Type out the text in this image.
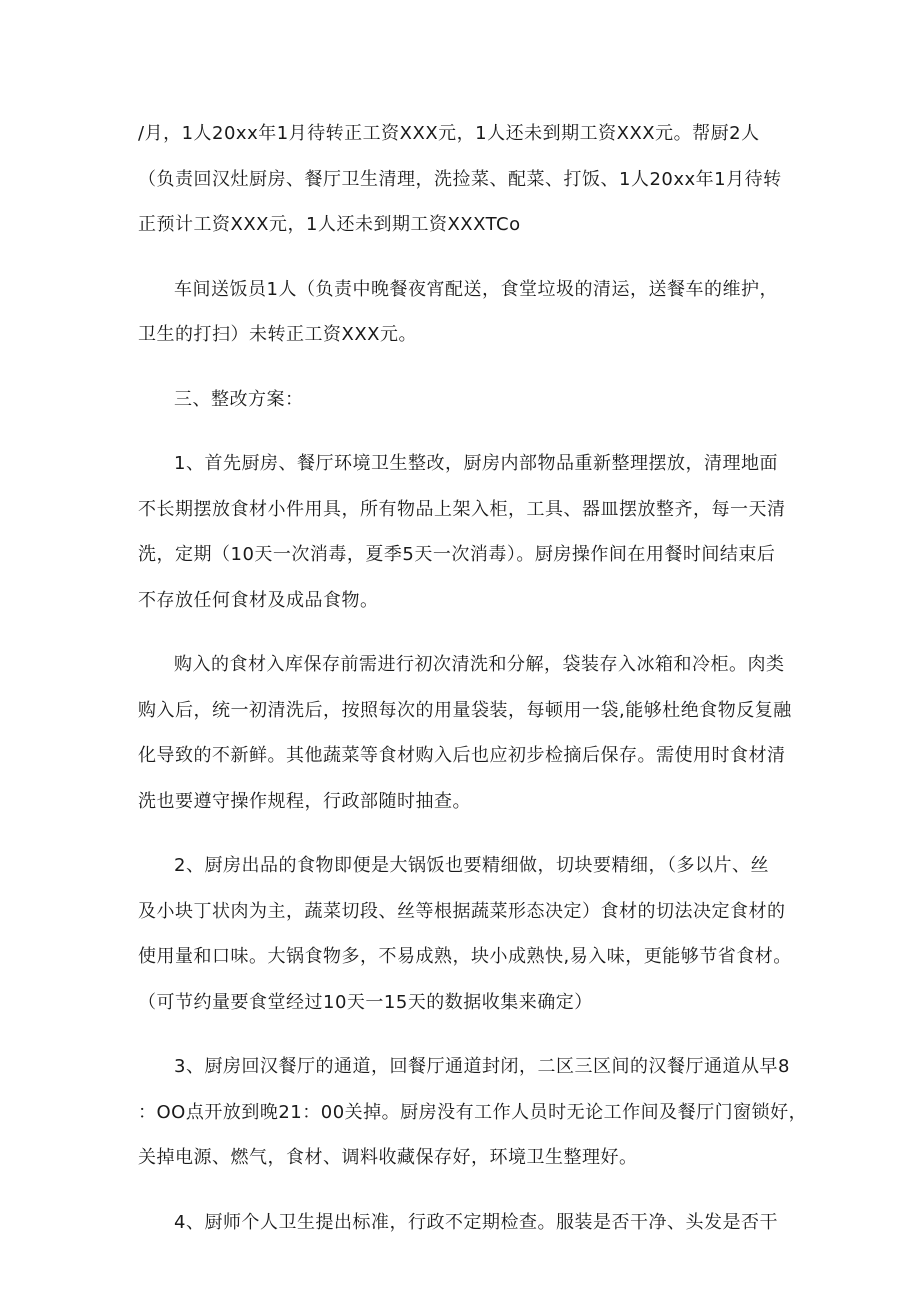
/月，1人20xx年1月待转正工资XXX元，1人还未到期工资XXX元。帮厨2人
（负责回汉灶厨房、餐厅卫生清理，洗捡菜、配菜、打饭、1人20xx年1月待转
正预计工资XXX元，1人还未到期工资XXXTCo
车间送饭员1人（负责中晚餐夜宵配送，食堂垃圾的清运，送餐车的维护，
卫生的打扫）未转正工资XXX元。
三、整改方案：
1、首先厨房、餐厅环境卫生整改，厨房内部物品重新整理摆放，清理地面
不长期摆放食材小件用具，所有物品上架入柜，工具、器皿摆放整齐，每一天清
洗，定期（10天一次消毒，夏季5天一次消毒）。厨房操作间在用餐时间结束后
不存放任何食材及成品食物。
购入的食材入库保存前需进行初次清洗和分解，袋装存入冰箱和冷柜。肉类
购入后，统一初清洗后，按照每次的用量袋装，每顿用一袋,能够杜绝食物反复融
化导致的不新鲜。其他蔬菜等食材购入后也应初步检摘后保存。需使用时食材清
洗也要遵守操作规程，行政部随时抽查。
2、厨房出品的食物即便是大锅饭也要精细做，切块要精细，（多以片、丝
及小块丁状肉为主，蔬菜切段、丝等根据蔬菜形态决定）食材的切法决定食材的
使用量和口味。大锅食物多，不易成熟，块小成熟快,易入味，更能够节省食材。
（可节约量要食堂经过10天一15天的数据收集来确定）
3、厨房回汉餐厅的通道，回餐厅通道封闭，二区三区间的汉餐厅通道从早8
：OO点开放到晚21：00关掉。厨房没有工作人员时无论工作间及餐厅门窗锁好，
关掉电源、燃气，食材、调料收藏保存好，环境卫生整理好。
4、厨师个人卫生提出标准，行政不定期检查。服装是否干净、头发是否干
